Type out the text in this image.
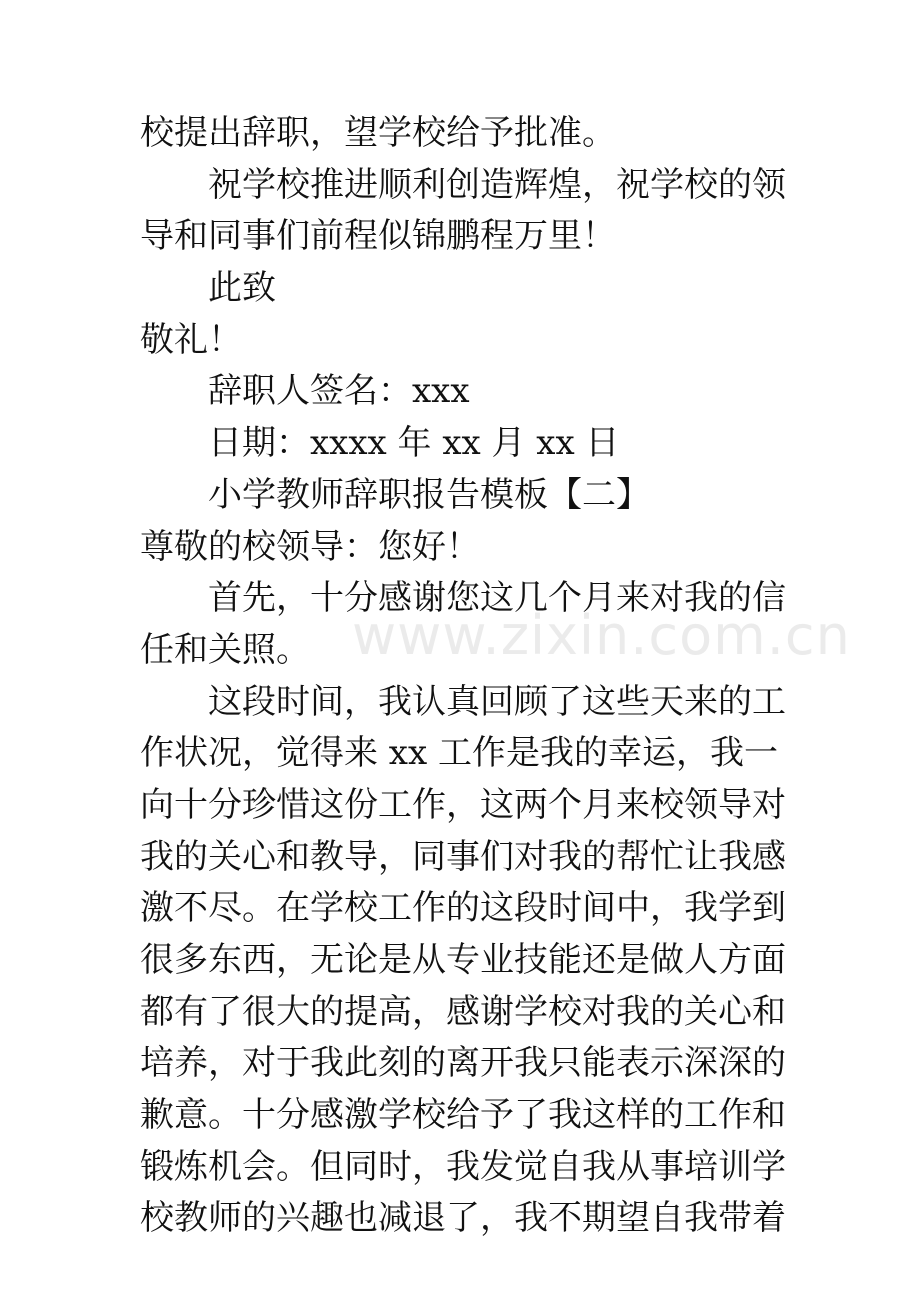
校提出辞职，望学校给予批准。
祝学校推进顺利创造辉煌，祝学校的领
导和同事们前程似锦鹏程万里！
此致
敬礼！
辞职人签名：xxx
日期：xxxx 年 xx 月 xx 日
小学教师辞职报告模板【二】
尊敬的校领导：您好！
首先，十分感谢您这几个月来对我的信
任和关照。
这段时间，我认真回顾了这些天来的工
作状况，觉得来 xx 工作是我的幸运，我一
向十分珍惜这份工作，这两个月来校领导对
我的关心和教导，同事们对我的帮忙让我感
激不尽。在学校工作的这段时间中，我学到
很多东西，无论是从专业技能还是做人方面
都有了很大的提高，感谢学校对我的关心和
培养，对于我此刻的离开我只能表示深深的
歉意。十分感激学校给予了我这样的工作和
锻炼机会。但同时，我发觉自我从事培训学
校教师的兴趣也减退了，我不期望自我带着
www.zixin.com.cn
